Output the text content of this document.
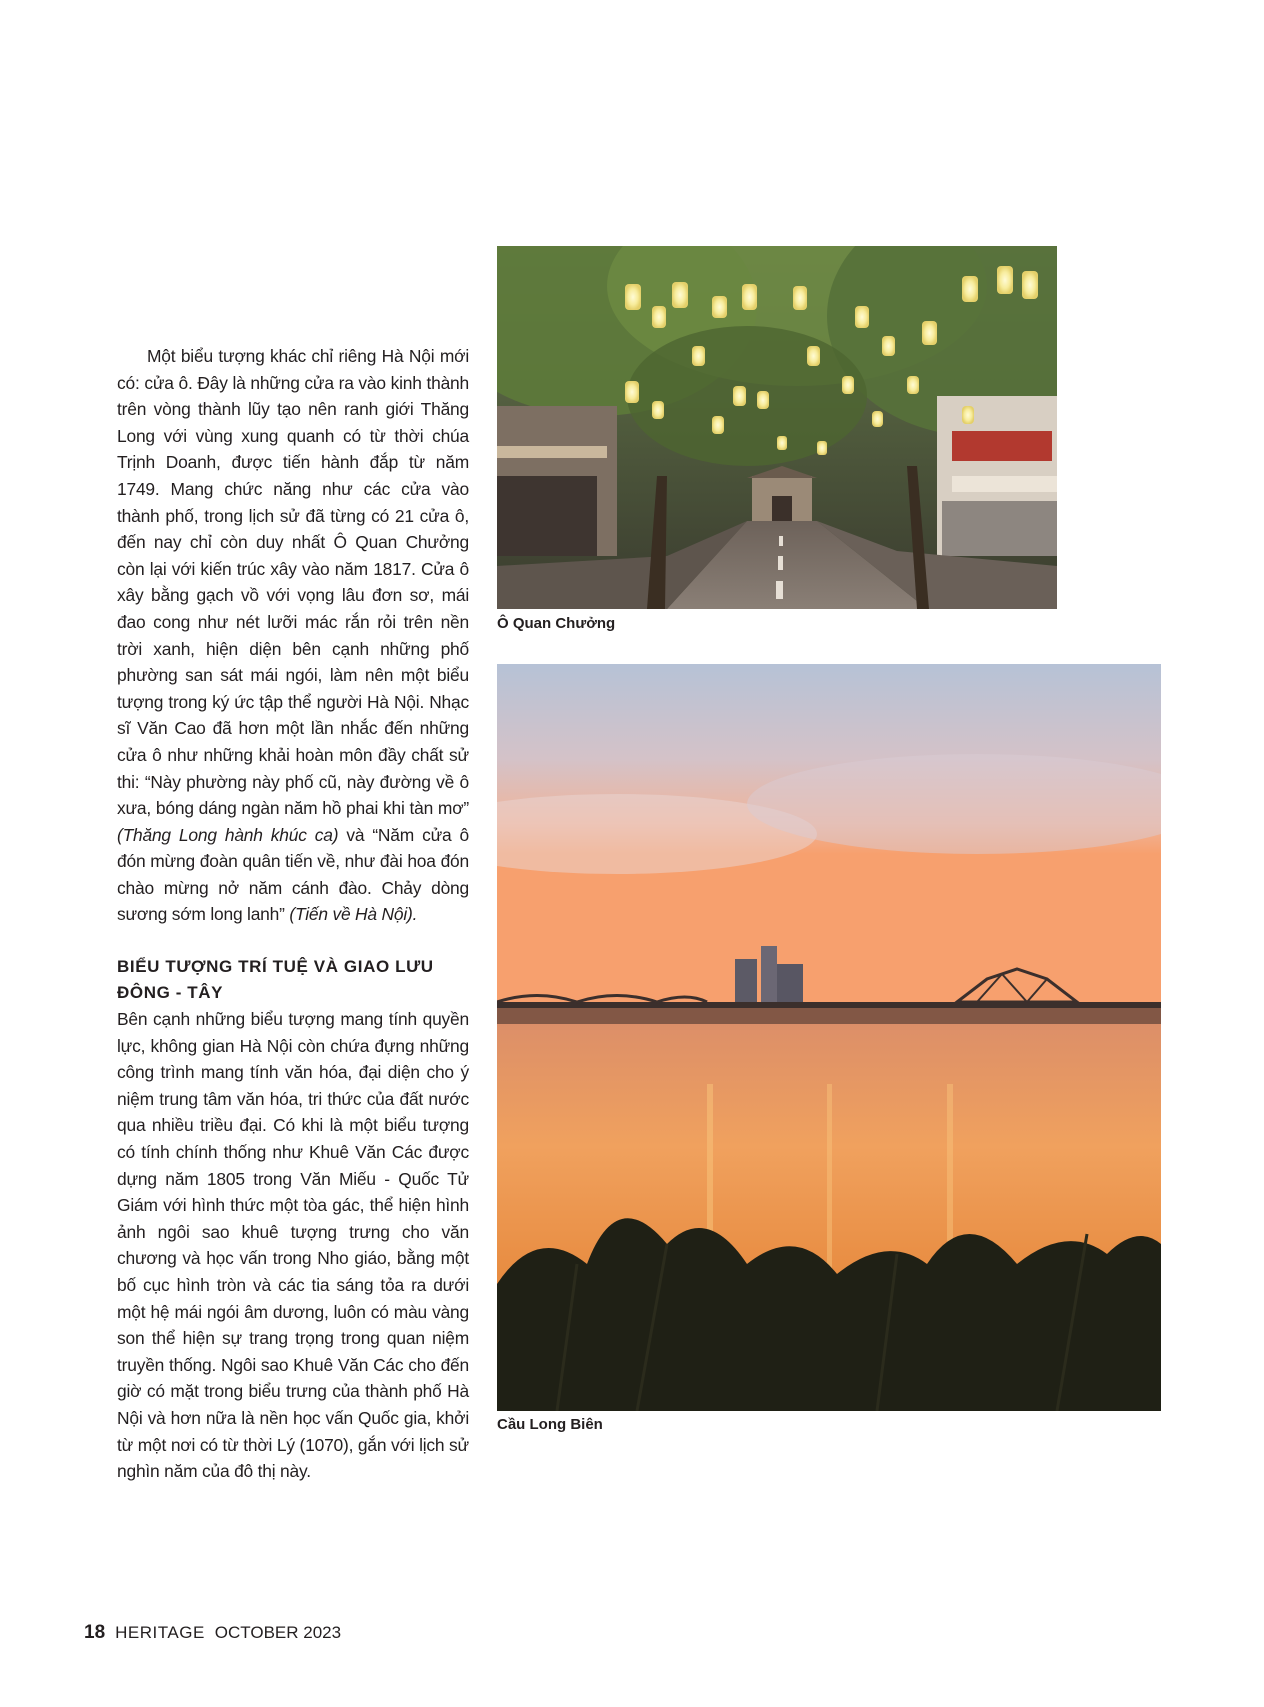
Một biểu tượng khác chỉ riêng Hà Nội mới có: cửa ô. Đây là những cửa ra vào kinh thành trên vòng thành lũy tạo nên ranh giới Thăng Long với vùng xung quanh có từ thời chúa Trịnh Doanh, được tiến hành đắp từ năm 1749. Mang chức năng như các cửa vào thành phố, trong lịch sử đã từng có 21 cửa ô, đến nay chỉ còn duy nhất Ô Quan Chưởng còn lại với kiến trúc xây vào năm 1817. Cửa ô xây bằng gạch vồ với vọng lâu đơn sơ, mái đao cong như nét lưỡi mác rắn rỏi trên nền trời xanh, hiện diện bên cạnh những phố phường san sát mái ngói, làm nên một biểu tượng trong ký ức tập thể người Hà Nội. Nhạc sĩ Văn Cao đã hơn một lần nhắc đến những cửa ô như những khải hoàn môn đầy chất sử thi: “Này phường này phố cũ, này đường về ô xưa, bóng dáng ngàn năm hồ phai khi tàn mơ” (Thăng Long hành khúc ca) và “Năm cửa ô đón mừng đoàn quân tiến về, như đài hoa đón chào mừng nở năm cánh đào. Chảy dòng sương sớm long lanh” (Tiến về Hà Nội).

BIỂU TƯỢNG TRÍ TUỆ VÀ GIAO LƯU ĐÔNG - TÂY

Bên cạnh những biểu tượng mang tính quyền lực, không gian Hà Nội còn chứa đựng những công trình mang tính văn hóa, đại diện cho ý niệm trung tâm văn hóa, tri thức của đất nước qua nhiều triều đại. Có khi là một biểu tượng có tính chính thống như Khuê Văn Các được dựng năm 1805 trong Văn Miếu - Quốc Tử Giám với hình thức một tòa gác, thể hiện hình ảnh ngôi sao khuê tượng trưng cho văn chương và học vấn trong Nho giáo, bằng một bố cục hình tròn và các tia sáng tỏa ra dưới một hệ mái ngói âm dương, luôn có màu vàng son thể hiện sự trang trọng trong quan niệm truyền thống. Ngôi sao Khuê Văn Các cho đến giờ có mặt trong biểu trưng của thành phố Hà Nội và hơn nữa là nền học vấn Quốc gia, khởi từ một nơi có từ thời Lý (1070), gắn với lịch sử nghìn năm của đô thị này.

Ô Quan Chưởng
Cầu Long Biên
18 HERITAGE OCTOBER 2023
